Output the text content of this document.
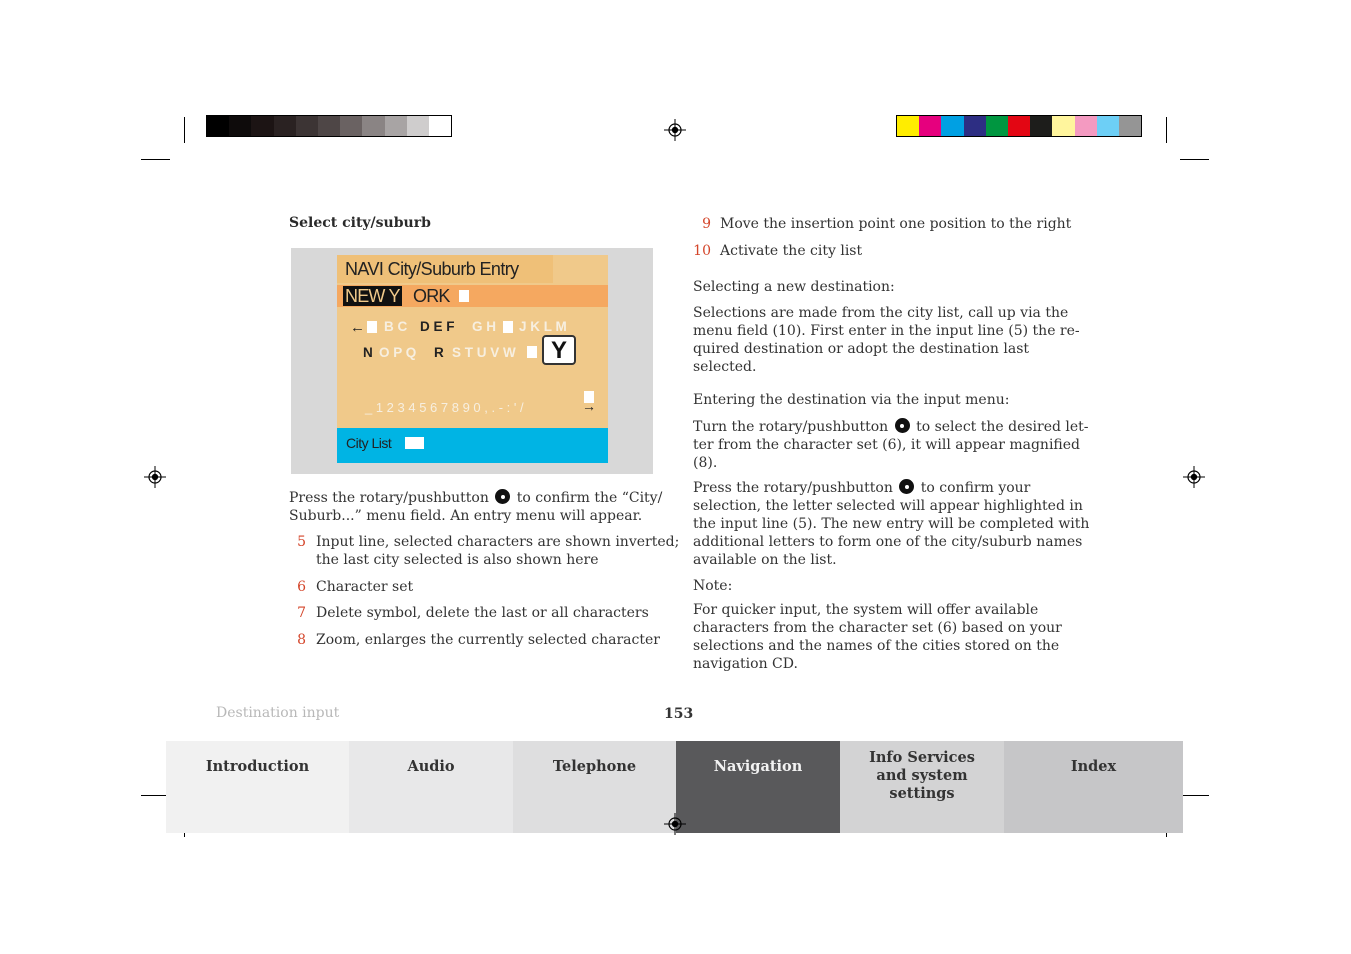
Select city/suburb
NAVI City/Suburb Entry
NEW Y ORK
← B C D E F G H J K L M
N O P Q R S T U V W	Y
_ 1 2 3 4 5 6 7 8 9 0 , . - : ' /	→
City List
Press the rotary/pushbutton to confirm the “City/
Suburb...” menu field. An entry menu will appear.
5 Input line, selected characters are shown inverted;
the last city selected is also shown here
6 Character set
7 Delete symbol, delete the last or all characters
8 Zoom, enlarges the currently selected character
9 Move the insertion point one position to the right
10 Activate the city list
Selecting a new destination:
Selections are made from the city list, call up via the
menu field (10). First enter in the input line (5) the re-
quired destination or adopt the destination last
selected.
Entering the destination via the input menu:
Turn the rotary/pushbutton to select the desired let-
ter from the character set (6), it will appear magnified
(8).
Press the rotary/pushbutton to confirm your
selection, the letter selected will appear highlighted in
the input line (5). The new entry will be completed with
additional letters to form one of the city/suburb names
available on the list.
Note:
For quicker input, the system will offer available
characters from the character set (6) based on your
selections and the names of the cities stored on the
navigation CD.
Destination input	153
Introduction	Audio	Telephone	Navigation
Info Services and system settings
Index
